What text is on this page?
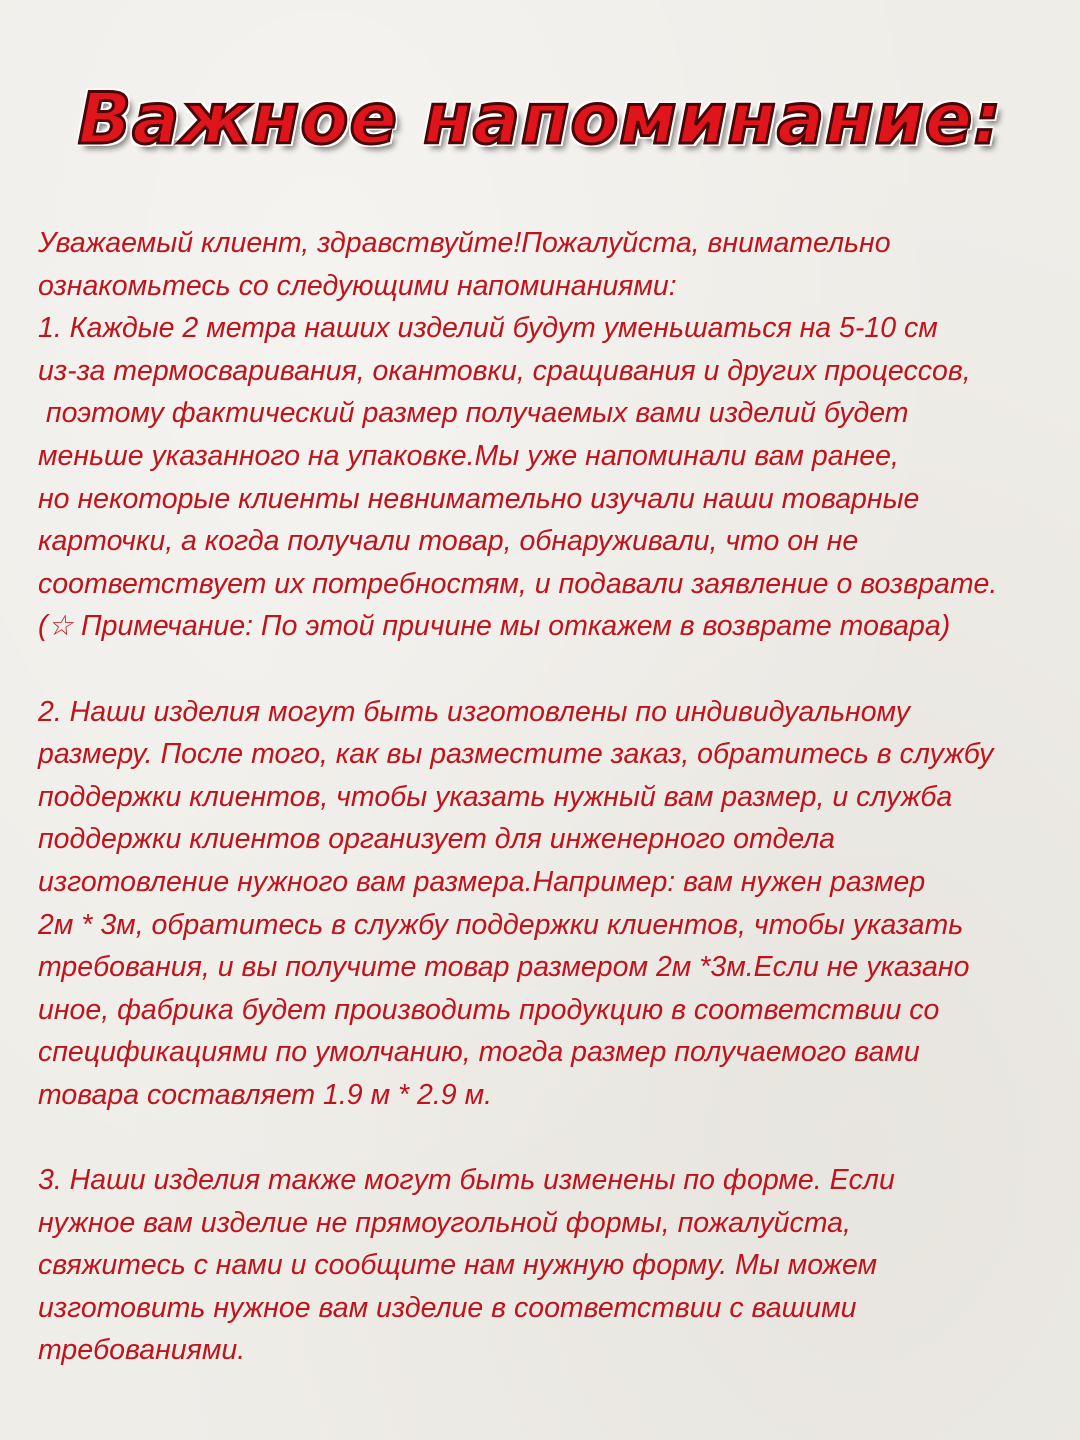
Важное напоминание:
Уважаемый клиент, здравствуйте!Пожалуйста, внимательно
ознакомьтесь со следующими напоминаниями:
1. Каждые 2 метра наших изделий будут уменьшаться на 5-10 см
из-за термосваривания, окантовки, сращивания и других процессов,
поэтому фактический размер получаемых вами изделий будет
меньше указанного на упаковке.Мы уже напоминали вам ранее,
но некоторые клиенты невнимательно изучали наши товарные
карточки, а когда получали товар, обнаруживали, что он не
соответствует их потребностям, и подавали заявление о возврате.
(☆ Примечание: По этой причине мы откажем в возврате товара)
2. Наши изделия могут быть изготовлены по индивидуальному
размеру. После того, как вы разместите заказ, обратитесь в службу
поддержки клиентов, чтобы указать нужный вам размер, и служба
поддержки клиентов организует для инженерного отдела
изготовление нужного вам размера.Например: вам нужен размер
2м * 3м, обратитесь в службу поддержки клиентов, чтобы указать
требования, и вы получите товар размером 2м *3м.Если не указано
иное, фабрика будет производить продукцию в соответствии со
спецификациями по умолчанию, тогда размер получаемого вами
товара составляет 1.9 м * 2.9 м.
3. Наши изделия также могут быть изменены по форме. Если
нужное вам изделие не прямоугольной формы, пожалуйста,
свяжитесь с нами и сообщите нам нужную форму. Мы можем
изготовить нужное вам изделие в соответствии с вашими
требованиями.
